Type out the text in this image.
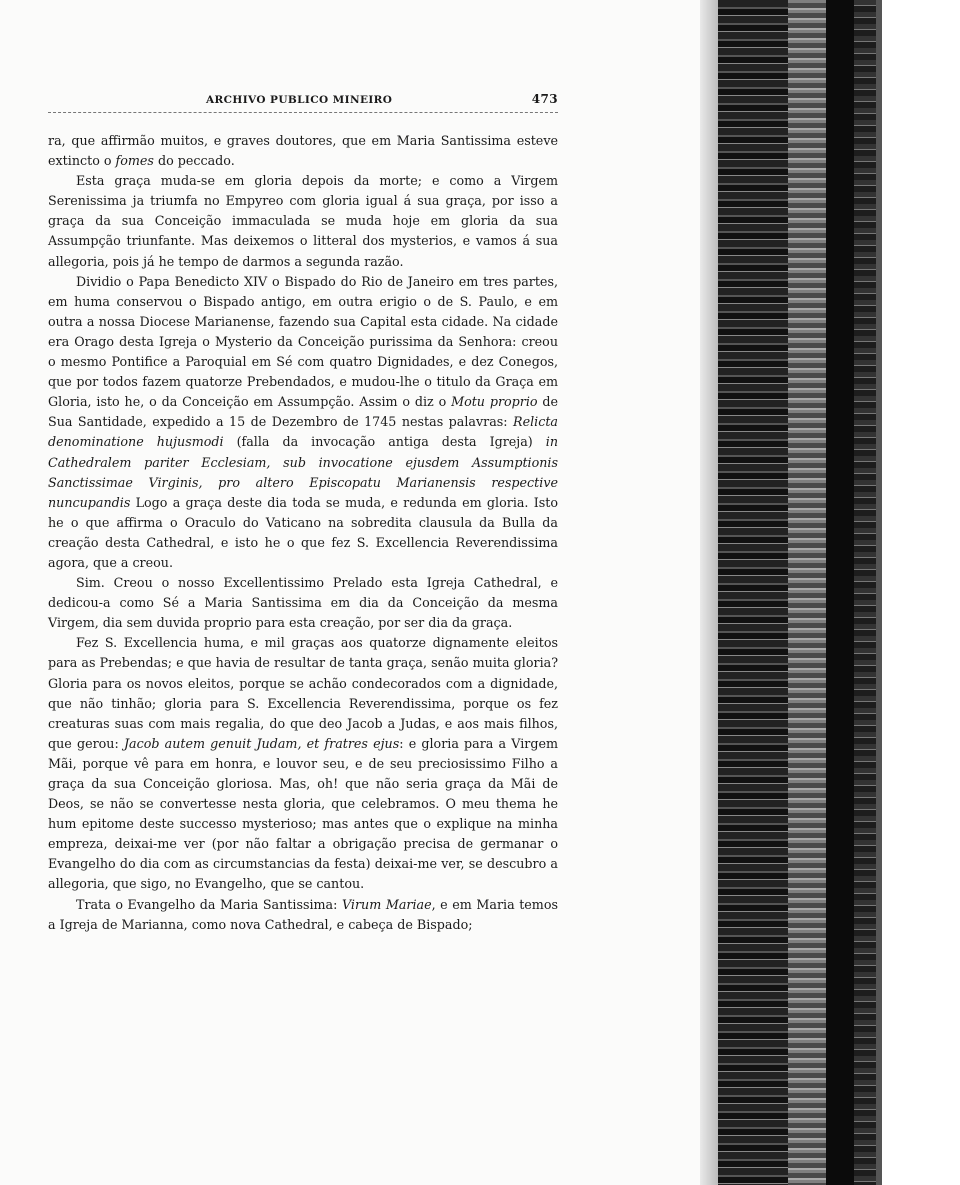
ARCHIVO PUBLICO MINEIRO	473

ra, que affirmão muitos, e graves doutores, que em Maria Santissima esteve extincto o fomes do peccado.

Esta graça muda-se em gloria depois da morte; e como a Virgem Serenissima ja triumfa no Empyreo com gloria igual á sua graça, por isso a graça da sua Conceição immaculada se muda hoje em gloria da sua Assumpção triunfante. Mas deixemos o litteral dos mysterios, e vamos á sua allegoria, pois já he tempo de darmos a segunda razão.

Dividio o Papa Benedicto XIV o Bispado do Rio de Janeiro em tres partes, em huma conservou o Bispado antigo, em outra erigio o de S. Paulo, e em outra a nossa Diocese Marianense, fazendo sua Capital esta cidade. Na cidade era Orago desta Igreja o Mysterio da Conceição purissima da Senhora: creou o mesmo Pontifice a Paroquial em Sé com quatro Dignidades, e dez Conegos, que por todos fazem quatorze Prebendados, e mudou-lhe o titulo da Graça em Gloria, isto he, o da Conceição em Assumpção. Assim o diz o Motu proprio de Sua Santidade, expedido a 15 de Dezembro de 1745 nestas palavras: Relicta denominatione hujusmodi (falla da invocação antiga desta Igreja) in Cathedralem pariter Ecclesiam, sub invocatione ejusdem Assumptionis Sanctissimae Virginis, pro altero Episcopatu Marianensis respective nuncupandis Logo a graça deste dia toda se muda, e redunda em gloria. Isto he o que affirma o Oraculo do Vaticano na sobredita clausula da Bulla da creação desta Cathedral, e isto he o que fez S. Excellencia Reverendissima agora, que a creou.

Sim. Creou o nosso Excellentissimo Prelado esta Igreja Cathedral, e dedicou-a como Sé a Maria Santissima em dia da Conceição da mesma Virgem, dia sem duvida proprio para esta creação, por ser dia da graça.

Fez S. Excellencia huma, e mil graças aos quatorze dignamente eleitos para as Prebendas; e que havia de resultar de tanta graça, senão muita gloria? Gloria para os novos eleitos, porque se achão condecorados com a dignidade, que não tinhão; gloria para S. Excellencia Reverendissima, porque os fez creaturas suas com mais regalia, do que deo Jacob a Judas, e aos mais filhos, que gerou: Jacob autem genuit Judam, et fratres ejus: e gloria para a Virgem Mãi, porque vê para em honra, e louvor seu, e de seu preciosissimo Filho a graça da sua Conceição gloriosa. Mas, oh! que não seria graça da Mãi de Deos, se não se convertesse nesta gloria, que celebramos. O meu thema he hum epitome deste successo mysterioso; mas antes que o explique na minha empreza, deixai-me ver (por não faltar a obrigação precisa de germanar o Evangelho do dia com as circumstancias da festa) deixai-me ver, se descubro a allegoria, que sigo, no Evangelho, que se cantou.

Trata o Evangelho da Maria Santissima: Virum Mariae, e em Maria temos a Igreja de Marianna, como nova Cathedral, e cabeça de Bispado;
